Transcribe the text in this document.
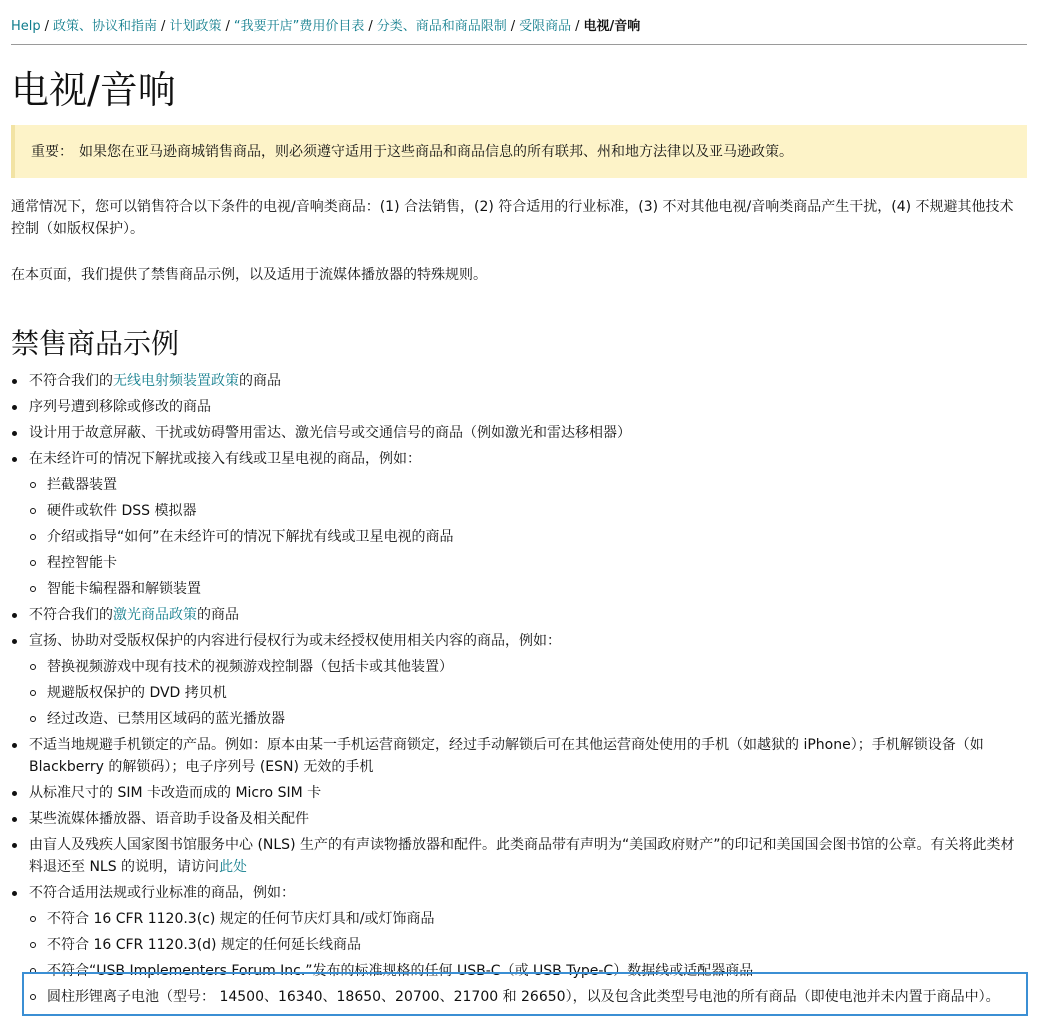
Help / 政策、协议和指南 / 计划政策 / “我要开店”费用价目表 / 分类、商品和商品限制 / 受限商品 / 电视/音响
电视/音响
重要： 如果您在亚马逊商城销售商品，则必须遵守适用于这些商品和商品信息的所有联邦、州和地方法律以及亚马逊政策。

通常情况下，您可以销售符合以下条件的电视/音响类商品：(1) 合法销售，(2) 符合适用的行业标准，(3) 不对其他电视/音响类商品产生干扰，(4) 不规避其他技术控制（如版权保护）。

在本页面，我们提供了禁售商品示例，以及适用于流媒体播放器的特殊规则。

禁售商品示例
不符合我们的无线电射频装置政策的商品
序列号遭到移除或修改的商品
设计用于故意屏蔽、干扰或妨碍警用雷达、激光信号或交通信号的商品（例如激光和雷达移相器）
在未经许可的情况下解扰或接入有线或卫星电视的商品，例如：
拦截器装置
硬件或软件 DSS 模拟器
介绍或指导“如何”在未经许可的情况下解扰有线或卫星电视的商品
程控智能卡
智能卡编程器和解锁装置
不符合我们的激光商品政策的商品
宣扬、协助对受版权保护的内容进行侵权行为或未经授权使用相关内容的商品，例如：
替换视频游戏中现有技术的视频游戏控制器（包括卡或其他装置）
规避版权保护的 DVD 拷贝机
经过改造、已禁用区域码的蓝光播放器
不适当地规避手机锁定的产品。例如：原本由某一手机运营商锁定，经过手动解锁后可在其他运营商处使用的手机（如越狱的 iPhone）；手机解锁设备（如 Blackberry 的解锁码）；电子序列号 (ESN) 无效的手机
从标准尺寸的 SIM 卡改造而成的 Micro SIM 卡
某些流媒体播放器、语音助手设备及相关配件
由盲人及残疾人国家图书馆服务中心 (NLS) 生产的有声读物播放器和配件。此类商品带有声明为“美国政府财产”的印记和美国国会图书馆的公章。有关将此类材料退还至 NLS 的说明，请访问此处
不符合适用法规或行业标准的商品，例如：
不符合 16 CFR 1120.3(c) 规定的任何节庆灯具和/或灯饰商品
不符合 16 CFR 1120.3(d) 规定的任何延长线商品
不符合“USB Implementers Forum Inc.”发布的标准规格的任何 USB-C（或 USB Type-C）数据线或适配器商品
圆柱形锂离子电池（型号： 14500、16340、18650、20700、21700 和 26650），以及包含此类型号电池的所有商品（即使电池并未内置于商品中）。
